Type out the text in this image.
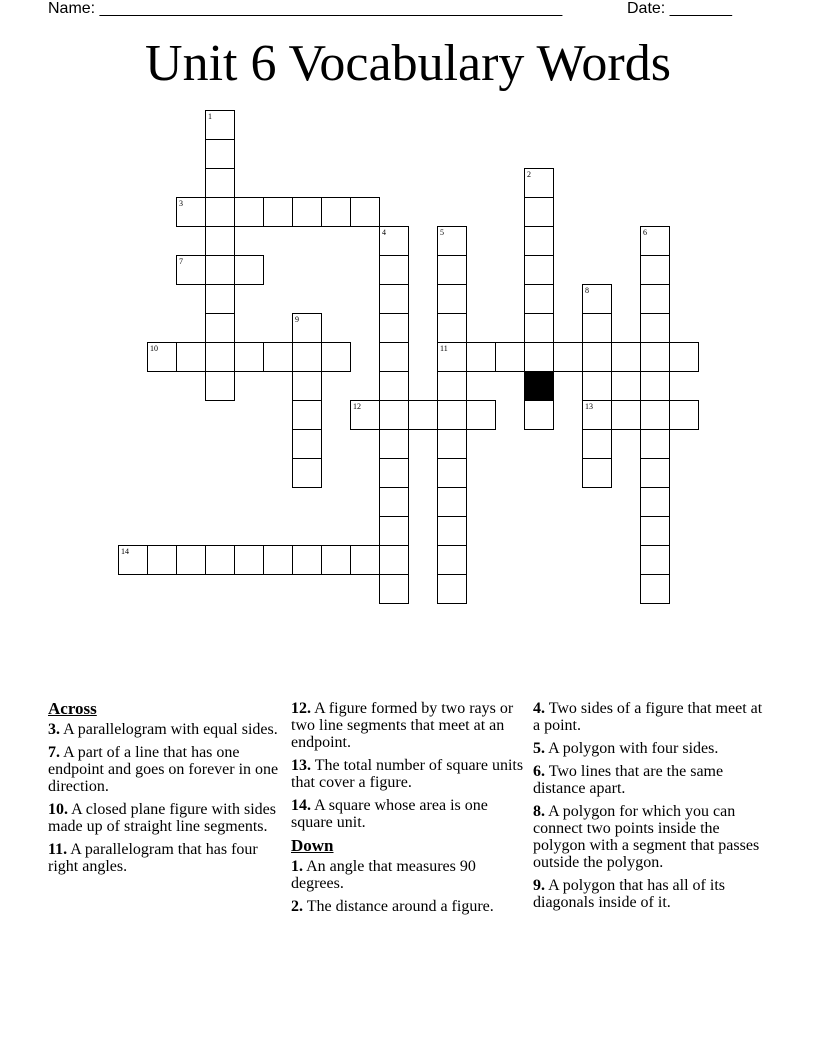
Name: ____________________________________________________	Date: _______
Unit 6 Vocabulary Words
1
2
3
4	5
11
6
7
8
13
9
10
12
14
Across
3. A parallelogram with equal sides.
7. A part of a line that has one endpoint and goes on forever in one direction.
10. A closed plane figure with sides made up of straight line segments.
11. A parallelogram that has four right angles.
12. A figure formed by two rays or two line segments that meet at an endpoint.
13. The total number of square units that cover a figure.
14. A square whose area is one square unit.
Down
1. An angle that measures 90 degrees.
2. The distance around a figure.
4. Two sides of a figure that meet at a point.
5. A polygon with four sides.
6. Two lines that are the same distance apart.
8. A polygon for which you can connect two points inside the polygon with a segment that passes outside the polygon.
9. A polygon that has all of its diagonals inside of it.
